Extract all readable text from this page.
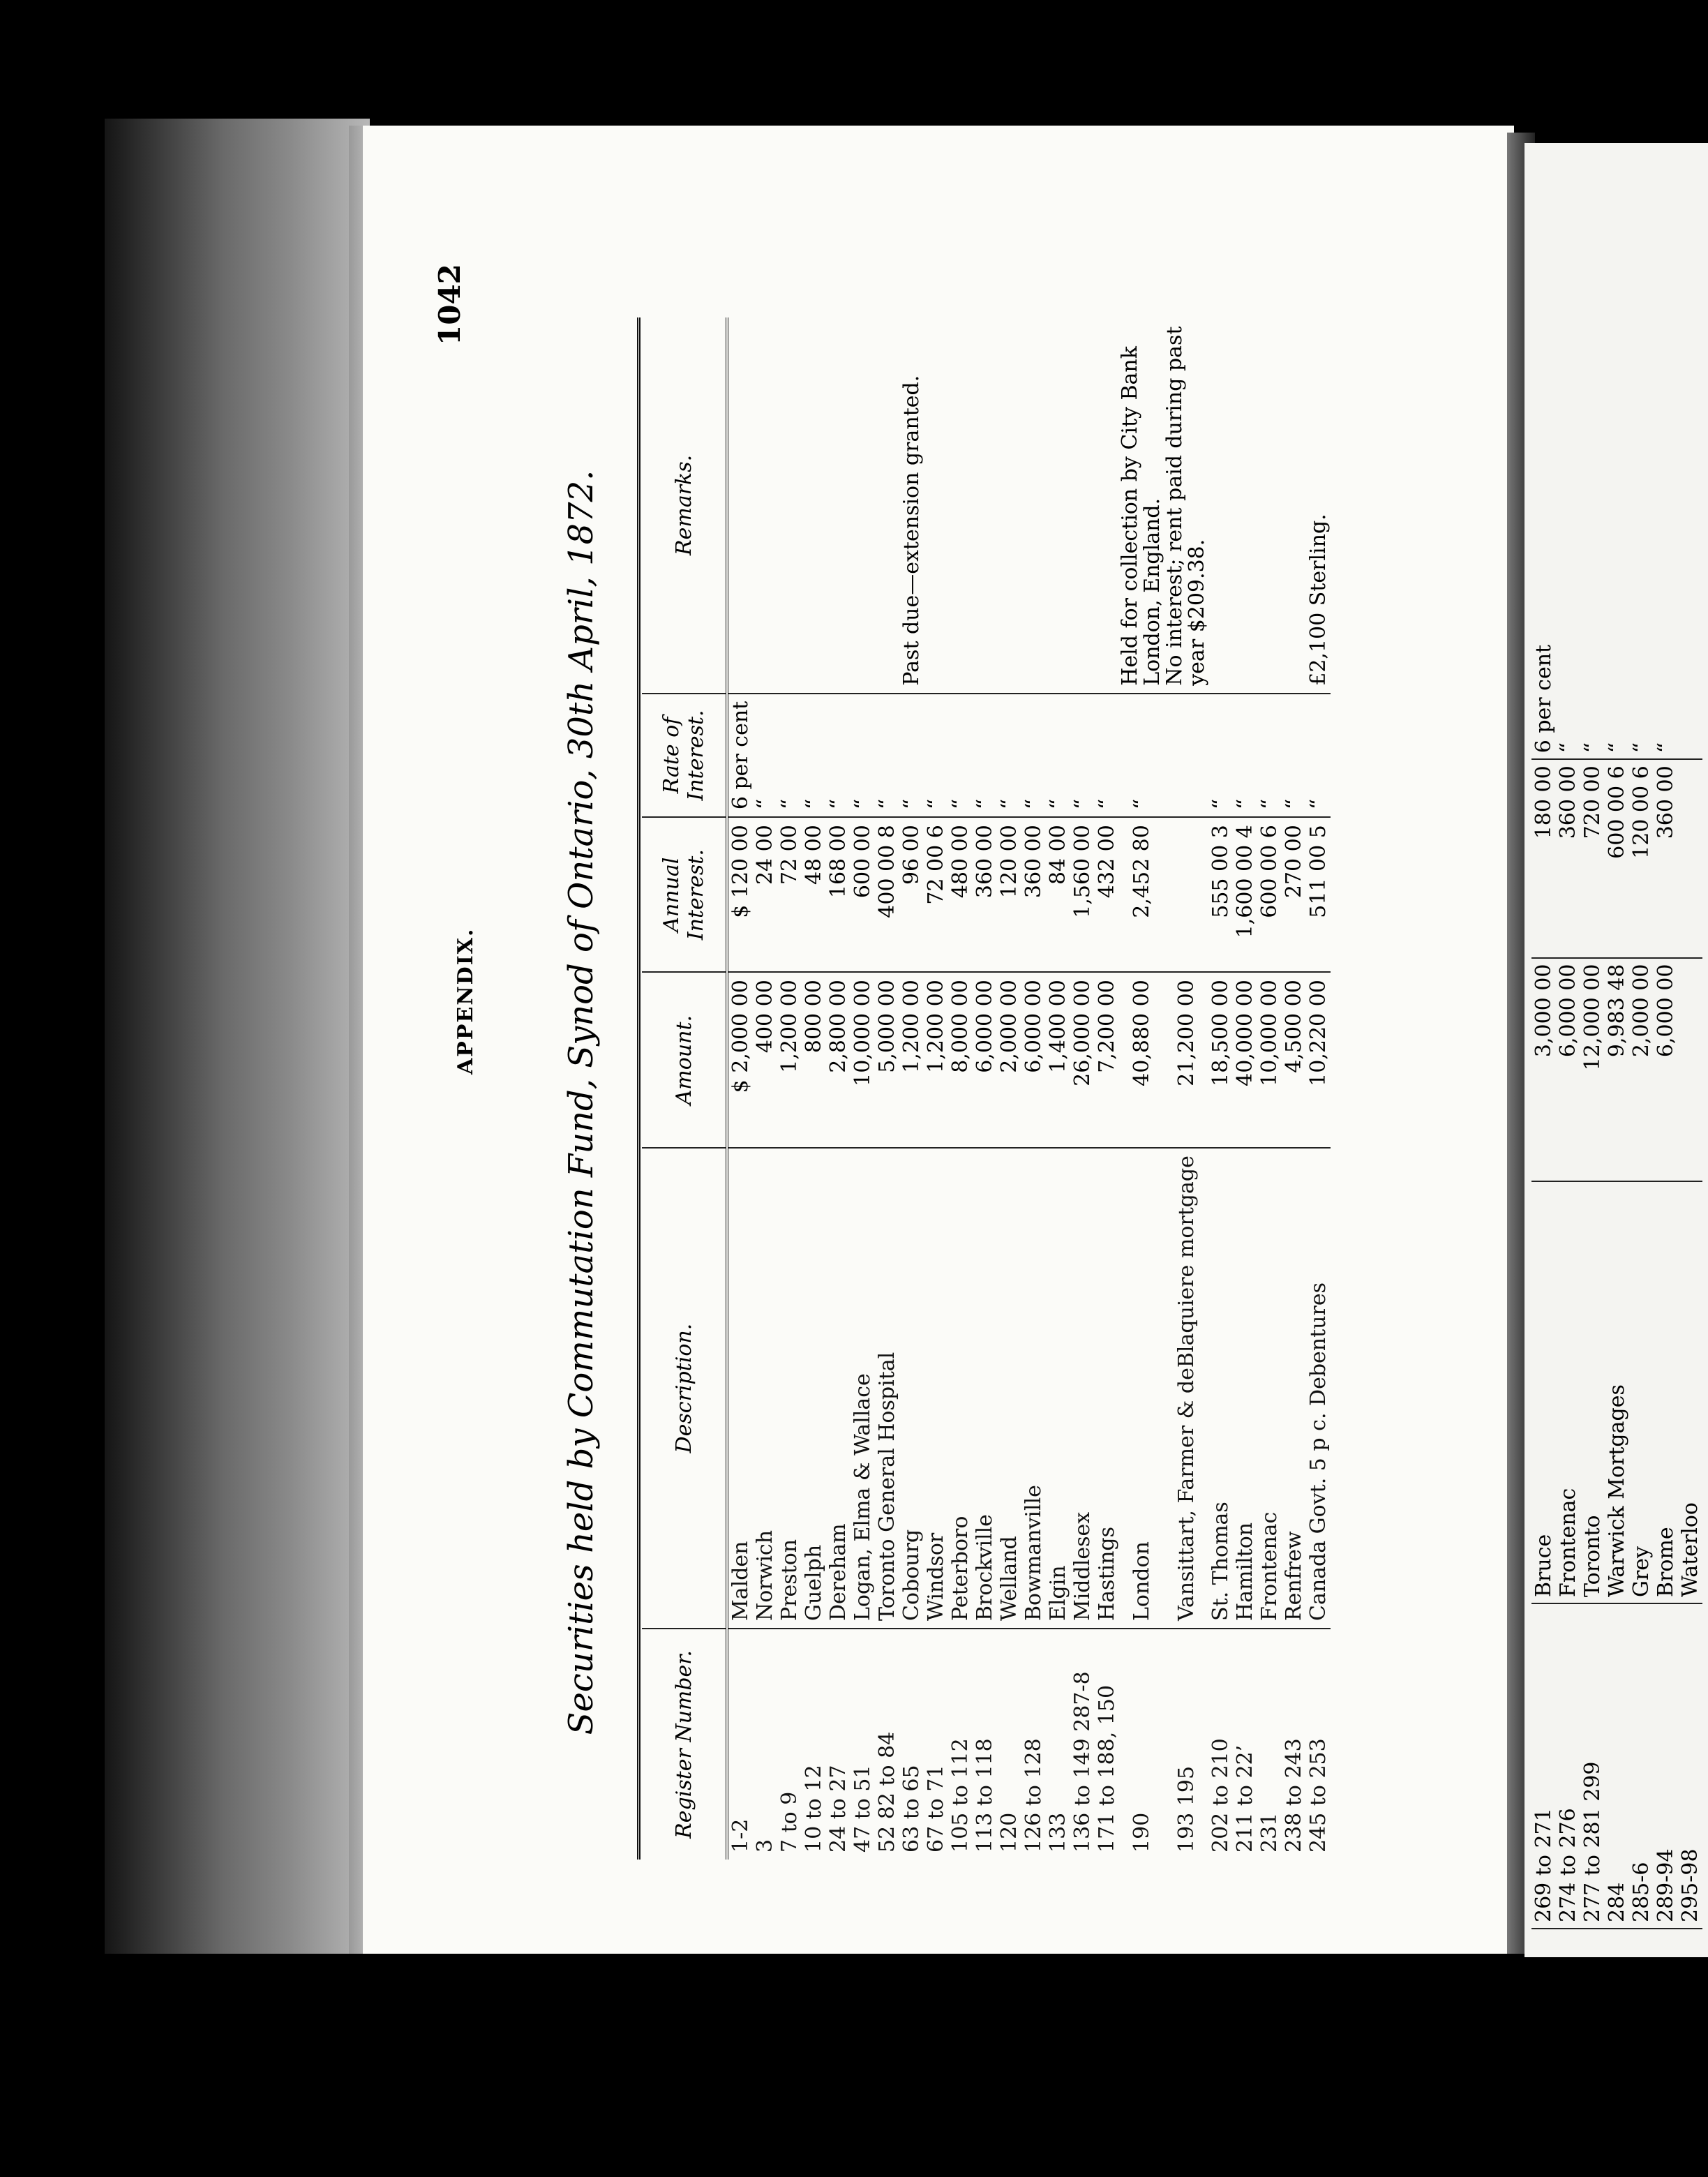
1042
APPENDIX.	Securities held by Commutation Fund, Synod of Ontario, 30th April, 1872.
Register Number.	Description.	Amount.	Annual Interest.	Rate of Interest.	Remarks.
1-2	Malden	$ 2,000 00	$ 120 00	6 per cent	
3	Norwich	400 00	24 00	“	
7 to 9	Preston	1,200 00	72 00	“	
10 to 12	Guelph	800 00	48 00	“	
24 to 27	Dereham	2,800 00	168 00	“	
47 to 51	Logan, Elma & Wallace	10,000 00	600 00	“	
52 82 to 84	Toronto General Hospital	5,000 00	400 00 8	“	
63 to 65	Cobourg	1,200 00	96 00	“	Past due—extension granted.
67 to 71	Windsor	1,200 00	72 00 6	“	
105 to 112	Peterboro	8,000 00	480 00	“	
113 to 118	Brockville	6,000 00	360 00	“	
120	Welland	2,000 00	120 00	“	
126 to 128	Bowmanville	6,000 00	360 00	“	
133	Elgin	1,400 00	84 00	“	
136 to 149 287-8	Middlesex	26,000 00	1,560 00	“	
171 to 188, 150	Hastings	7,200 00	432 00	“	
190	London	40,880 00	2,452 80	“	Held for collection by City Bank London, England.
193 195	Vansittart, Farmer & deBlaquiere mortgage	21,200 00			No interest; rent paid during past year $209.38.
202 to 210	St. Thomas	18,500 00	555 00 3	“	
211 to 22’	Hamilton	40,000 00	1,600 00 4	“	
231	Frontenac	10,000 00	600 00 6	“	
238 to 243	Renfrew	4,500 00	270 00	“	
245 to 253	Canada Govt. 5 p c. Debentures	10,220 00	511 00 5	“	£2,100 Sterling.
269 to 271	Bruce	3,000 00	180 00	6 per cent
274 to 276	Frontenac	6,000 00	360 00	“
277 to 281 299	Toronto	12,000 00	720 00	“
284	Warwick Mortgages	9,983 48	600 00 6	“
285-6	Grey	2,000 00	120 00 6	“
289-94	Brome	6,000 00	360 00	“
295-98	Waterloo			
